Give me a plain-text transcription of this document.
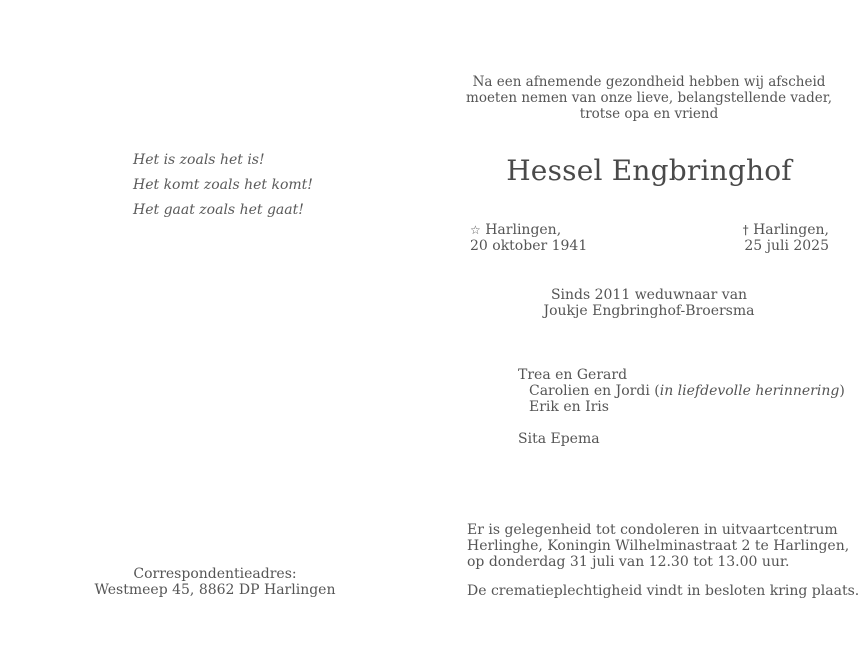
Het is zoals het is!
Het komt zoals het komt!
Het gaat zoals het gaat!
Correspondentieadres:
Westmeep 45, 8862 DP Harlingen
Na een afnemende gezondheid hebben wij afscheid
moeten nemen van onze lieve, belangstellende vader,
trotse opa en vriend
Hessel Engbringhof
☆ Harlingen,
20 oktober 1941
† Harlingen,
25 juli 2025
Sinds 2011 weduwnaar van
Joukje Engbringhof-Broersma
Trea en Gerard
Carolien en Jordi (in liefdevolle herinnering)
Erik en Iris
Sita Epema
Er is gelegenheid tot condoleren in uitvaartcentrum
Herlinghe, Koningin Wilhelminastraat 2 te Harlingen,
op donderdag 31 juli van 12.30 tot 13.00 uur.
De crematieplechtigheid vindt in besloten kring plaats.
